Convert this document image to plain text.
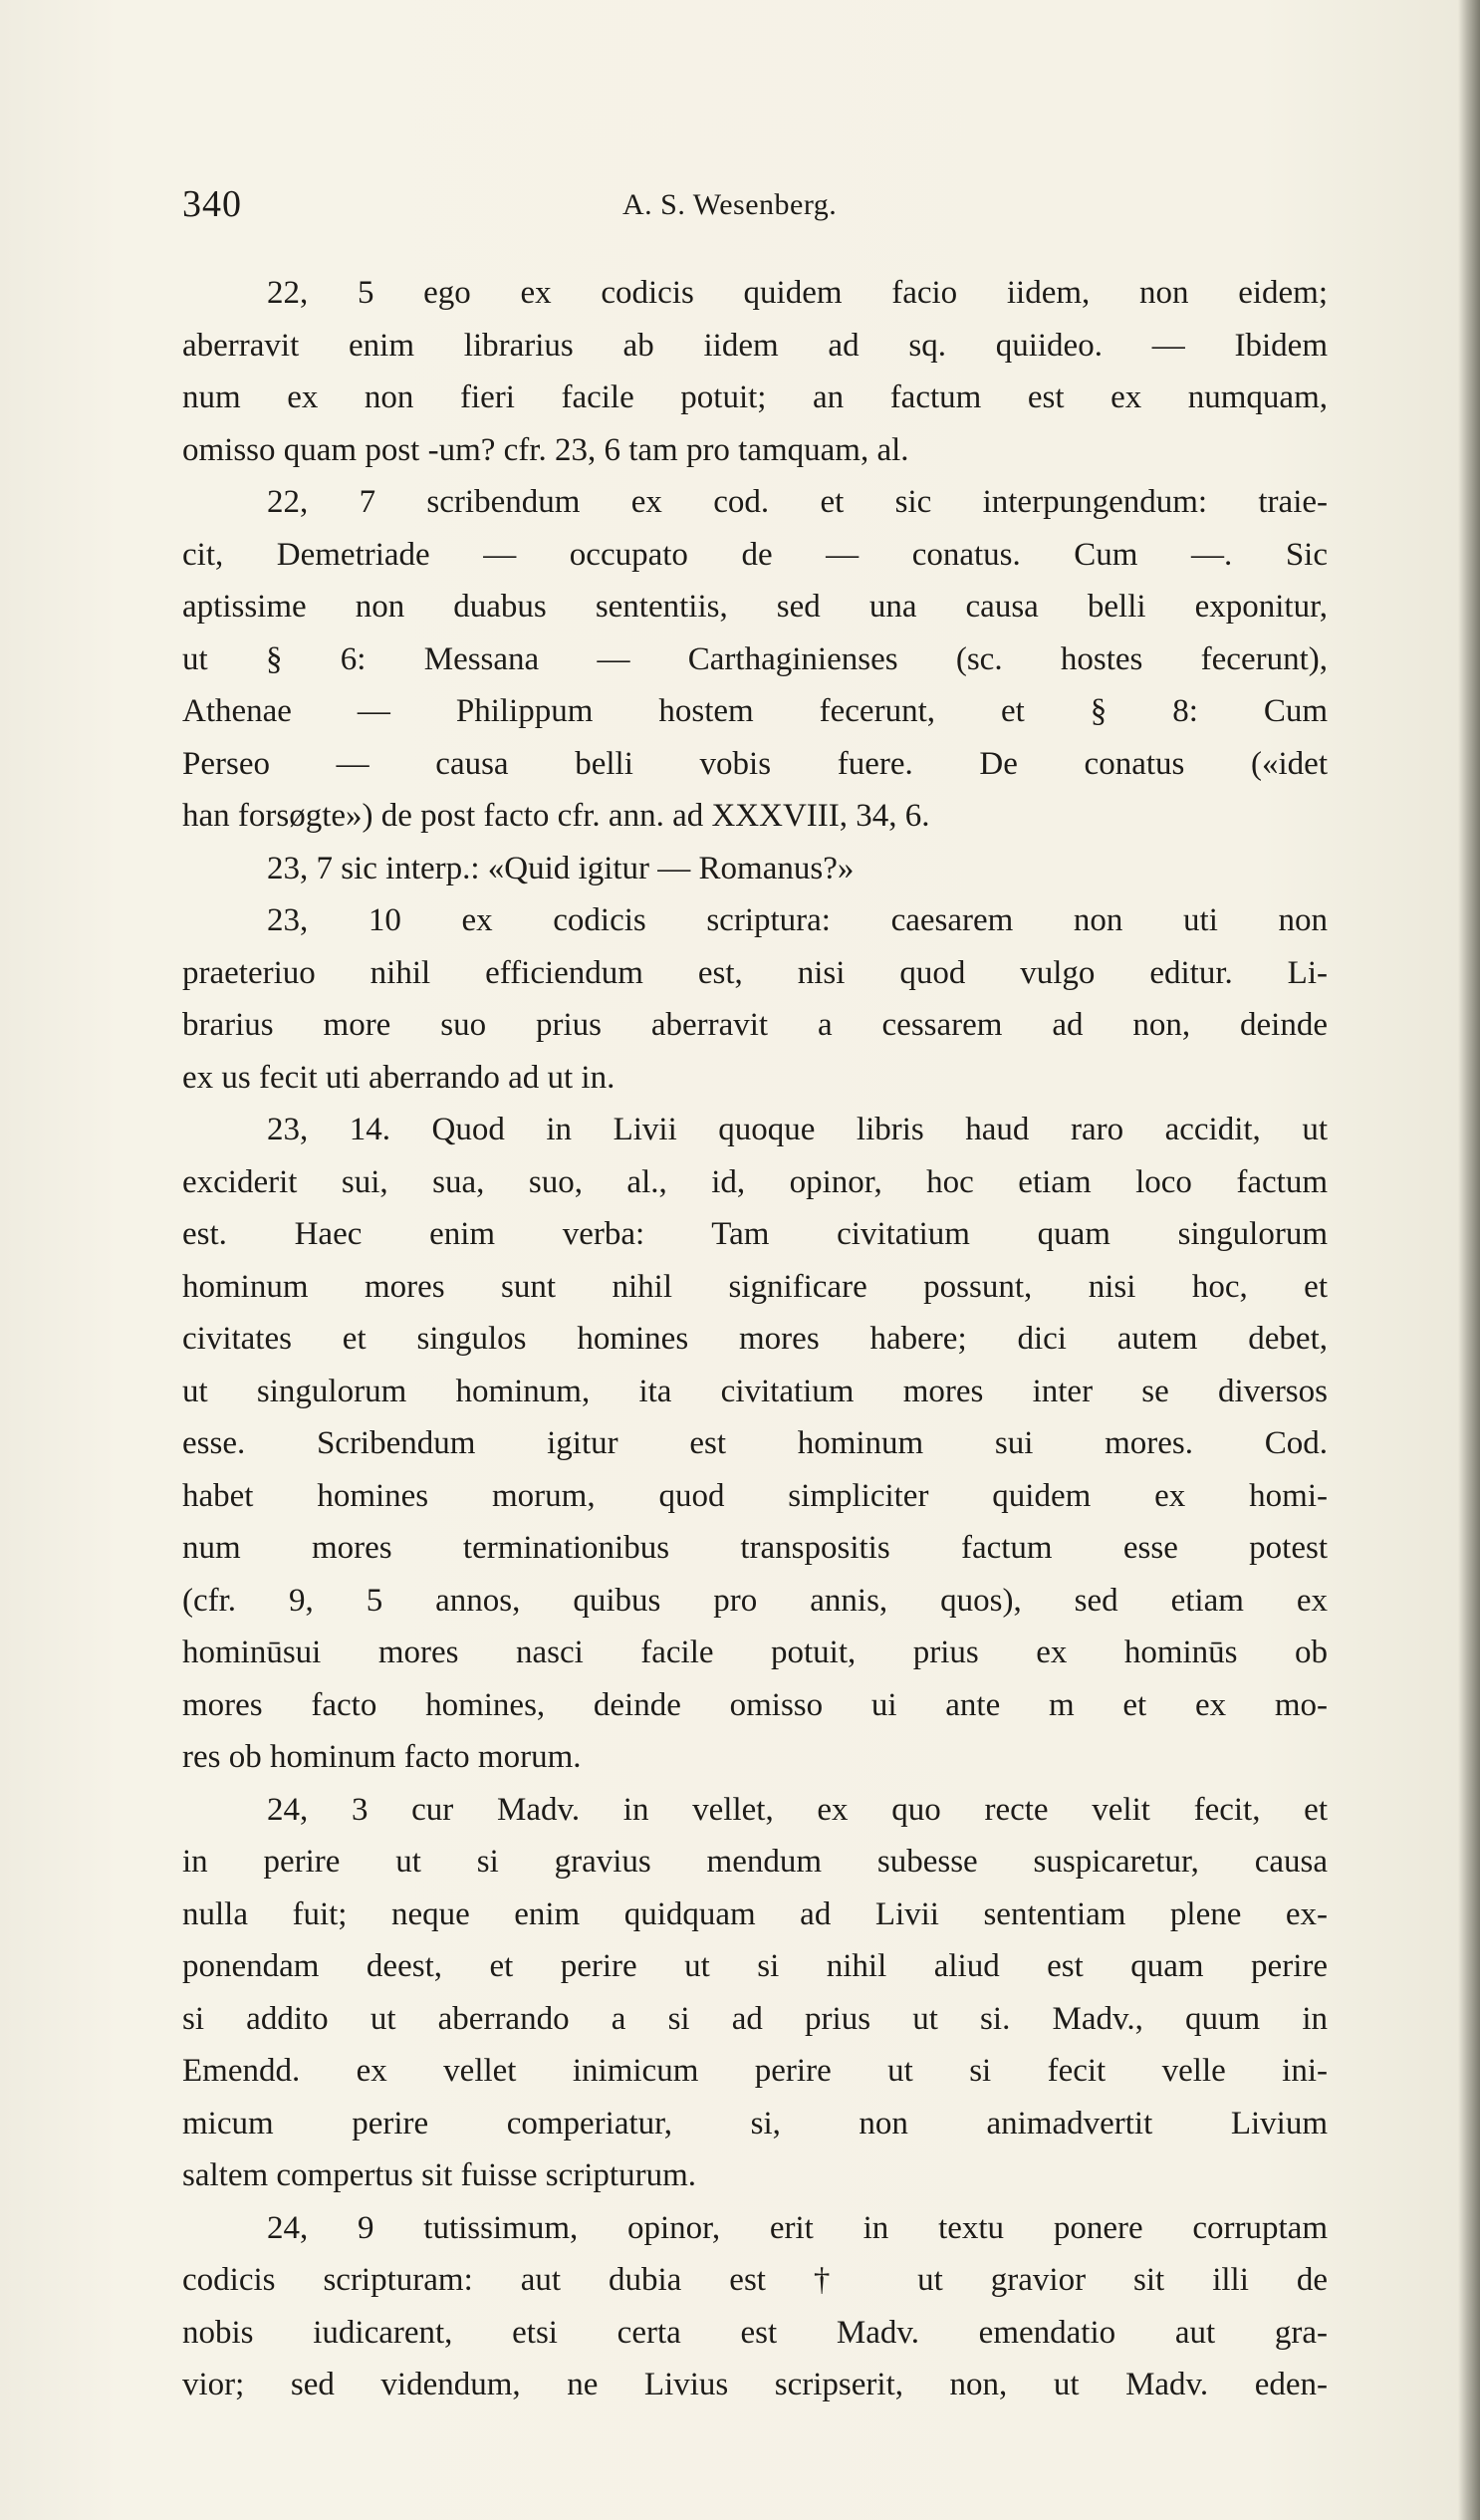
340	A. S. Wesenberg.
22, 5 ego ex codicis quidem facio iidem, non eidem;
aberravit enim librarius ab iidem ad sq. quiideo. — Ibidem
num ex non fieri facile potuit; an factum est ex numquam,
omisso quam post -um? cfr. 23, 6 tam pro tamquam, al.
22, 7 scribendum ex cod. et sic interpungendum: traie-
cit, Demetriade — occupato de — conatus. Cum —. Sic
aptissime non duabus sententiis, sed una causa belli exponitur,
ut § 6: Messana — Carthaginienses (sc. hostes fecerunt),
Athenae — Philippum hostem fecerunt, et § 8: Cum
Perseo — causa belli vobis fuere. De conatus («idet
han forsøgte») de post facto cfr. ann. ad XXXVIII, 34, 6.
23, 7 sic interp.: «Quid igitur — Romanus?»
23, 10 ex codicis scriptura: caesarem non uti non
praeteriuo nihil efficiendum est, nisi quod vulgo editur. Li-
brarius more suo prius aberravit a cessarem ad non, deinde
ex us fecit uti aberrando ad ut in.
23, 14. Quod in Livii quoque libris haud raro accidit, ut
exciderit sui, sua, suo, al., id, opinor, hoc etiam loco factum
est. Haec enim verba: Tam civitatium quam singulorum
hominum mores sunt nihil significare possunt, nisi hoc, et
civitates et singulos homines mores habere; dici autem debet,
ut singulorum hominum, ita civitatium mores inter se diversos
esse. Scribendum igitur est hominum sui mores. Cod.
habet homines morum, quod simpliciter quidem ex homi-
num mores terminationibus transpositis factum esse potest
(cfr. 9, 5 annos, quibus pro annis, quos), sed etiam ex
hominūsui mores nasci facile potuit, prius ex hominūs ob
mores facto homines, deinde omisso ui ante m et ex mo-
res ob hominum facto morum.
24, 3 cur Madv. in vellet, ex quo recte velit fecit, et
in perire ut si gravius mendum subesse suspicaretur, causa
nulla fuit; neque enim quidquam ad Livii sententiam plene ex-
ponendam deest, et perire ut si nihil aliud est quam perire
si addito ut aberrando a si ad prius ut si. Madv., quum in
Emendd. ex vellet inimicum perire ut si fecit velle ini-
micum perire comperiatur, si, non animadvertit Livium
saltem compertus sit fuisse scripturum.
24, 9 tutissimum, opinor, erit in textu ponere corruptam
codicis scripturam: aut dubia est † ut gravior sit illi de
nobis iudicarent, etsi certa est Madv. emendatio aut gra-
vior; sed videndum, ne Livius scripserit, non, ut Madv. eden-
